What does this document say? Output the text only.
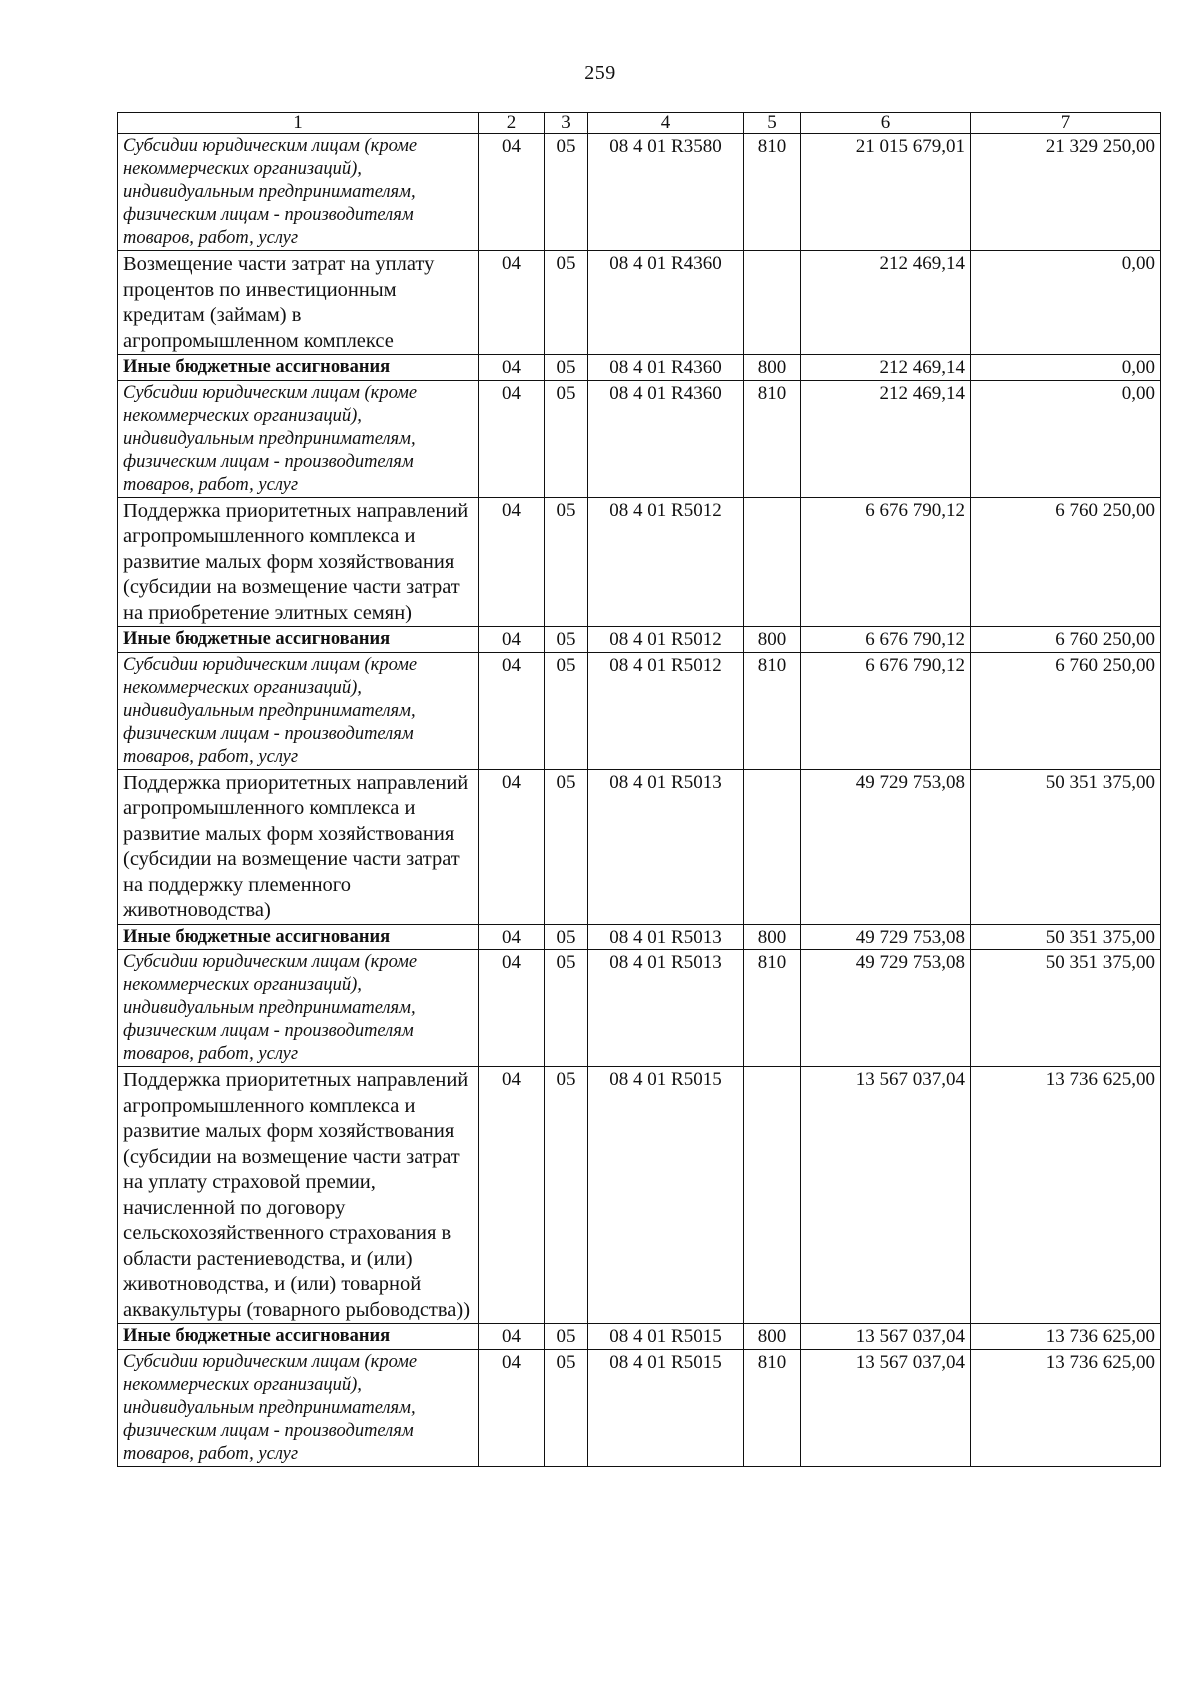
259
1	2	3	4	5	6	7
Субсидии юридическим лицам (кроме некоммерческих организаций), индивидуальным предпринимателям, физическим лицам - производителям товаров, работ, услуг	04	05	08 4 01 R3580	810	21 015 679,01	21 329 250,00
Возмещение части затрат на уплату процентов по инвестиционным кредитам (займам) в агропромышленном комплексе	04	05	08 4 01 R4360		212 469,14	0,00
Иные бюджетные ассигнования	04	05	08 4 01 R4360	800	212 469,14	0,00
Субсидии юридическим лицам (кроме некоммерческих организаций), индивидуальным предпринимателям, физическим лицам - производителям товаров, работ, услуг	04	05	08 4 01 R4360	810	212 469,14	0,00
Поддержка приоритетных направлений агропромышленного комплекса и развитие малых форм хозяйствования (субсидии на возмещение части затрат на приобретение элитных семян)	04	05	08 4 01 R5012		6 676 790,12	6 760 250,00
Иные бюджетные ассигнования	04	05	08 4 01 R5012	800	6 676 790,12	6 760 250,00
Субсидии юридическим лицам (кроме некоммерческих организаций), индивидуальным предпринимателям, физическим лицам - производителям товаров, работ, услуг	04	05	08 4 01 R5012	810	6 676 790,12	6 760 250,00
Поддержка приоритетных направлений агропромышленного комплекса и развитие малых форм хозяйствования (субсидии на возмещение части затрат на поддержку племенного животноводства)	04	05	08 4 01 R5013		49 729 753,08	50 351 375,00
Иные бюджетные ассигнования	04	05	08 4 01 R5013	800	49 729 753,08	50 351 375,00
Субсидии юридическим лицам (кроме некоммерческих организаций), индивидуальным предпринимателям, физическим лицам - производителям товаров, работ, услуг	04	05	08 4 01 R5013	810	49 729 753,08	50 351 375,00
Поддержка приоритетных направлений агропромышленного комплекса и развитие малых форм хозяйствования (субсидии на возмещение части затрат на уплату страховой премии, начисленной по договору сельскохозяйственного страхования в области растениеводства, и (или) животноводства, и (или) товарной аквакультуры (товарного рыбоводства))	04	05	08 4 01 R5015		13 567 037,04	13 736 625,00
Иные бюджетные ассигнования	04	05	08 4 01 R5015	800	13 567 037,04	13 736 625,00
Субсидии юридическим лицам (кроме некоммерческих организаций), индивидуальным предпринимателям, физическим лицам - производителям товаров, работ, услуг	04	05	08 4 01 R5015	810	13 567 037,04	13 736 625,00
